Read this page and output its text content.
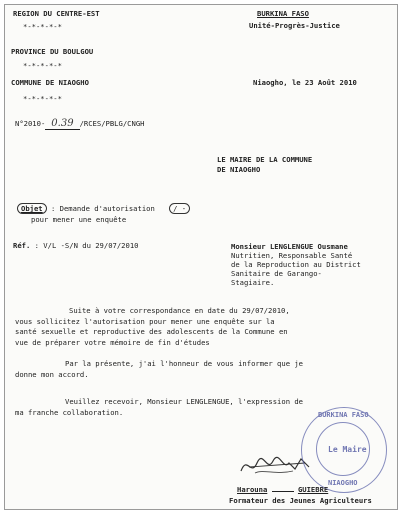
REGION DU CENTRE-EST
*-*-*-*-*
PROVINCE DU BOULGOU
*-*-*-*-*
COMMUNE DE NIAOGHO
*-*-*-*-*
BURKINA FASO
Unité-Progrès-Justice
Niaogho, le 23 Août 2010
N°2010- 0.39 /RCES/PBLG/CNGH
LE MAIRE DE LA COMMUNE
DE NIAOGHO
Objet : Demande d'autorisation	/ -
pour mener une enquête
Réf. : V/L -S/N du 29/07/2010	Monsieur LENGLENGUE Ousmane
Nutritien, Responsable Santé
de la Reproduction au District
Sanitaire de Garango-
Stagiaire.
Suite à votre correspondance en date du 29/07/2010,
vous sollicitez l'autorisation pour mener une enquête sur la
santé sexuelle et reproductive des adolescents de la Commune en
vue de préparer votre mémoire de fin d'études
Par la présente, j'ai l'honneur de vous informer que je
donne mon accord.
Veuillez recevoir, Monsieur LENGLENGUE, l'expression de
ma franche collaboration.	BURKINA FASO
Le Maire
NIAOGHO
Harouna	GUIEBRE
Formateur des Jeunes Agriculteurs
